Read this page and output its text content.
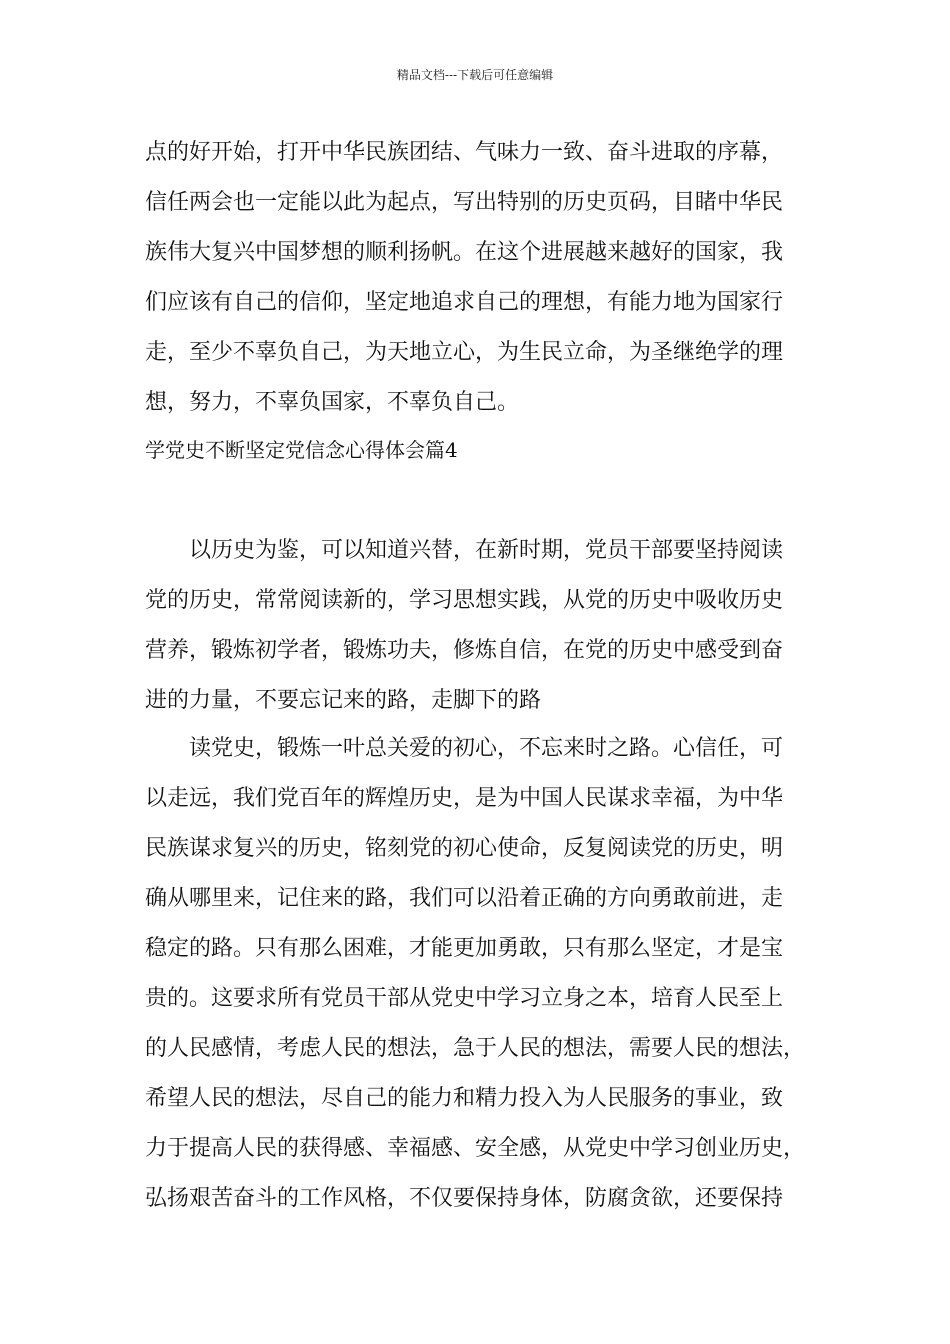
精品文档---下载后可任意编辑
点的好开始，打开中华民族团结、气味力一致、奋斗进取的序幕，
信任两会也一定能以此为起点，写出特别的历史页码，目睹中华民
族伟大复兴中国梦想的顺利扬帆。在这个进展越来越好的国家，我
们应该有自己的信仰，坚定地追求自己的理想，有能力地为国家行
走，至少不辜负自己，为天地立心，为生民立命，为圣继绝学的理
想，努力，不辜负国家，不辜负自己。
学党史不断坚定党信念心得体会篇4
以历史为鉴，可以知道兴替，在新时期，党员干部要坚持阅读
党的历史，常常阅读新的，学习思想实践，从党的历史中吸收历史
营养，锻炼初学者，锻炼功夫，修炼自信，在党的历史中感受到奋
进的力量，不要忘记来的路，走脚下的路
读党史，锻炼一叶总关爱的初心，不忘来时之路。心信任，可
以走远，我们党百年的辉煌历史，是为中国人民谋求幸福，为中华
民族谋求复兴的历史，铭刻党的初心使命，反复阅读党的历史，明
确从哪里来，记住来的路，我们可以沿着正确的方向勇敢前进，走
稳定的路。只有那么困难，才能更加勇敢，只有那么坚定，才是宝
贵的。这要求所有党员干部从党史中学习立身之本，培育人民至上
的人民感情，考虑人民的想法，急于人民的想法，需要人民的想法，
希望人民的想法，尽自己的能力和精力投入为人民服务的事业，致
力于提高人民的获得感、幸福感、安全感，从党史中学习创业历史，
弘扬艰苦奋斗的工作风格，不仅要保持身体，防腐贪欲，还要保持
